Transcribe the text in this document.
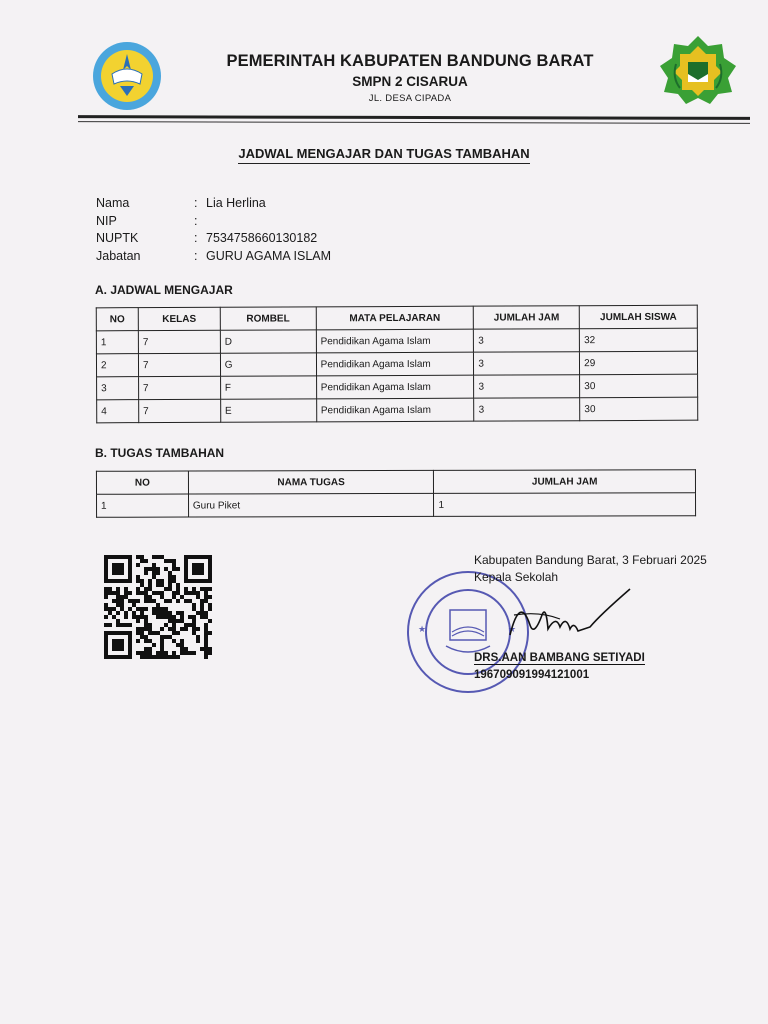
PEMERINTAH KABUPATEN BANDUNG BARAT
SMPN 2 CISARUA
JL. DESA CIPADA
JADWAL MENGAJAR DAN TUGAS TAMBAHAN
Nama	: Lia Herlina
NIP	:
NUPTK	: 7534758660130182
Jabatan	: GURU AGAMA ISLAM
A. JADWAL MENGAJAR
NO	KELAS	ROMBEL	MATA PELAJARAN	JUMLAH JAM	JUMLAH SISWA
1	7	D	Pendidikan Agama Islam	3	32
2	7	G	Pendidikan Agama Islam	3	29
3	7	F	Pendidikan Agama Islam	3	30
4	7	E	Pendidikan Agama Islam	3	30
B. TUGAS TAMBAHAN
NO	NAMA TUGAS	JUMLAH JAM
1	Guru Piket	1
★	★
Kabupaten Bandung Barat, 3 Februari 2025
Kepala Sekolah
DRS.AAN BAMBANG SETIYADI
196709091994121001
